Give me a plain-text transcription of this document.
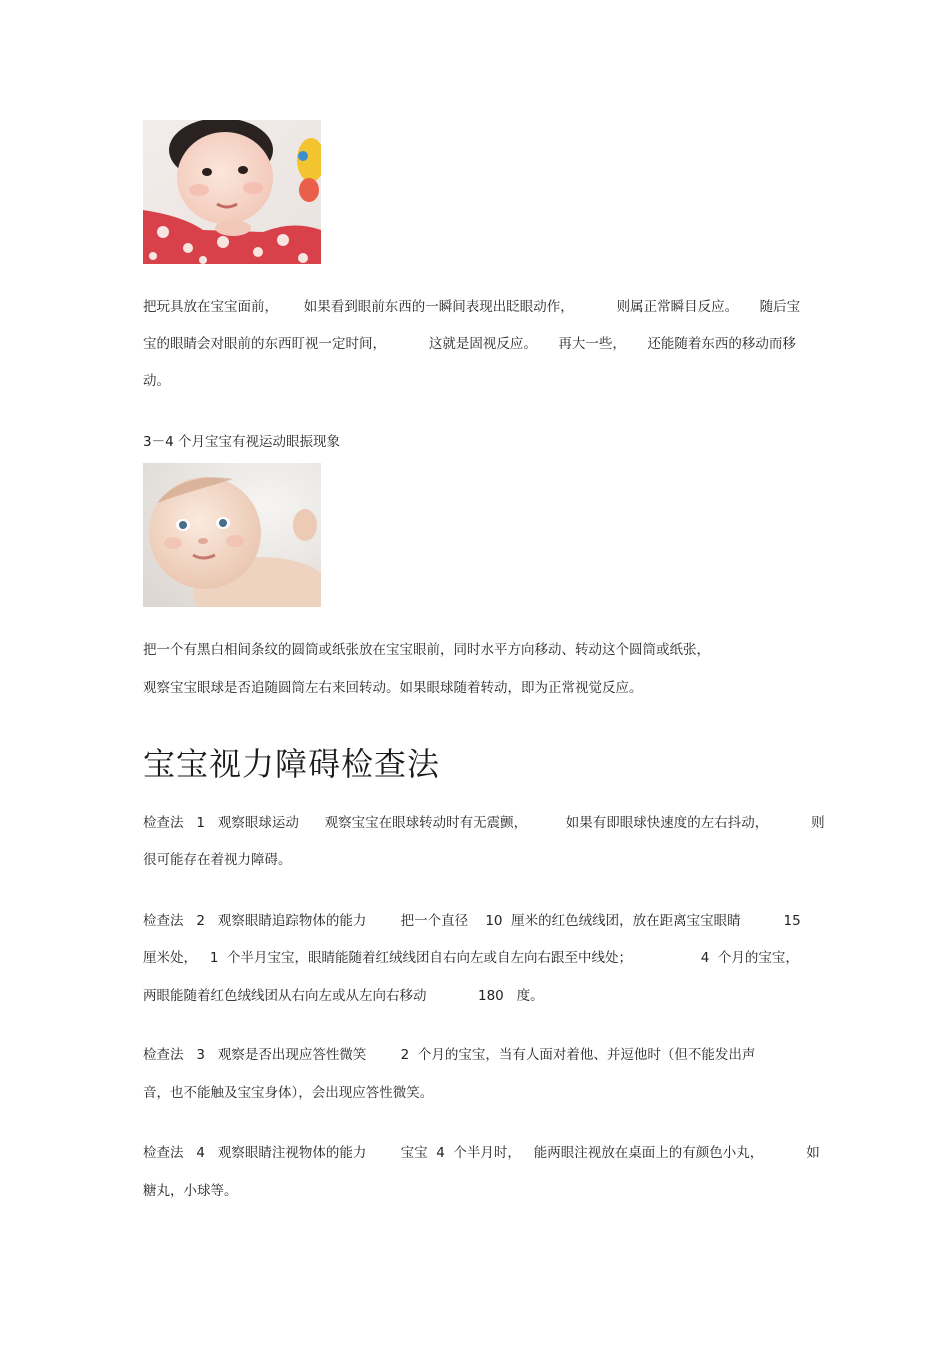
把玩具放在宝宝面前，      如果看到眼前东西的一瞬间表现出眨眼动作，          则属正常瞬目反应。     随后宝
宝的眼睛会对眼前的东西盯视一定时间，          这就是固视反应。     再大一些，     还能随着东西的移动而移
动。
3－4 个月宝宝有视运动眼振现象
把一个有黑白相间条纹的圆筒或纸张放在宝宝眼前，同时水平方向移动、转动这个圆筒或纸张，
观察宝宝眼球是否追随圆筒左右来回转动。如果眼球随着转动，即为正常视觉反应。
宝宝视力障碍检查法
检查法   1   观察眼球运动      观察宝宝在眼球转动时有无震颤，         如果有即眼球快速度的左右抖动，          则
很可能存在着视力障碍。
检查法   2   观察眼睛追踪物体的能力        把一个直径    10  厘米的红色绒线团，放在距离宝宝眼睛          15
厘米处，   1  个半月宝宝，眼睛能随着红绒线团自右向左或自左向右跟至中线处；                4  个月的宝宝，
两眼能随着红色绒线团从右向左或从左向右移动            180   度。
检查法   3   观察是否出现应答性微笑        2  个月的宝宝，当有人面对着他、并逗他时（但不能发出声
音，也不能触及宝宝身体），会出现应答性微笑。
检查法   4   观察眼睛注视物体的能力        宝宝  4  个半月时，   能两眼注视放在桌面上的有颜色小丸，          如
糖丸，小球等。
